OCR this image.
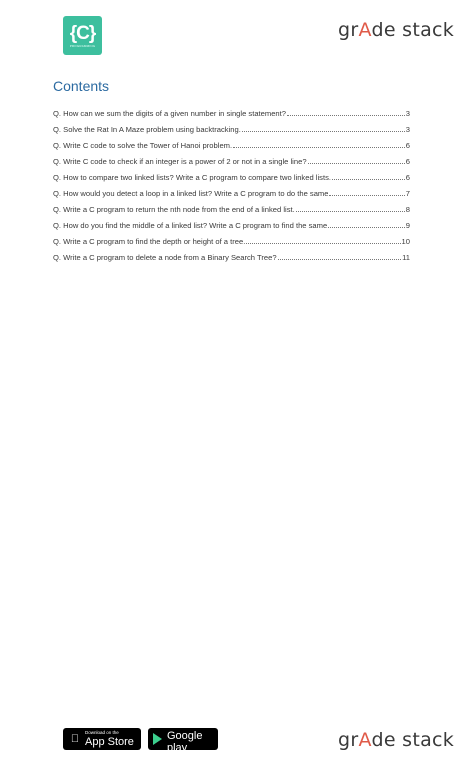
{C}
PROGRAMMING
grAde stack
Contents
Q. How can we sum the digits of a given number in single statement?	3
Q. Solve the Rat In A Maze problem using backtracking.	3
Q. Write C code to solve the Tower of Hanoi problem.	6
Q. Write C code to check if an integer is a power of 2 or not in a single line?	6
Q. How to compare two linked lists? Write a C program to compare two linked lists.	6
Q. How would you detect a loop in a linked list? Write a C program to do the same	7
Q. Write a C program to return the nth node from the end of a linked list.	8
Q. How do you find the middle of a linked list? Write a C program to find the same	9
Q. Write a C program to find the depth or height of a tree.	10
Q. Write a C program to delete a node from a Binary Search Tree?	11
Download on the
App Store
GET IT ON
Google play	grAde stack
